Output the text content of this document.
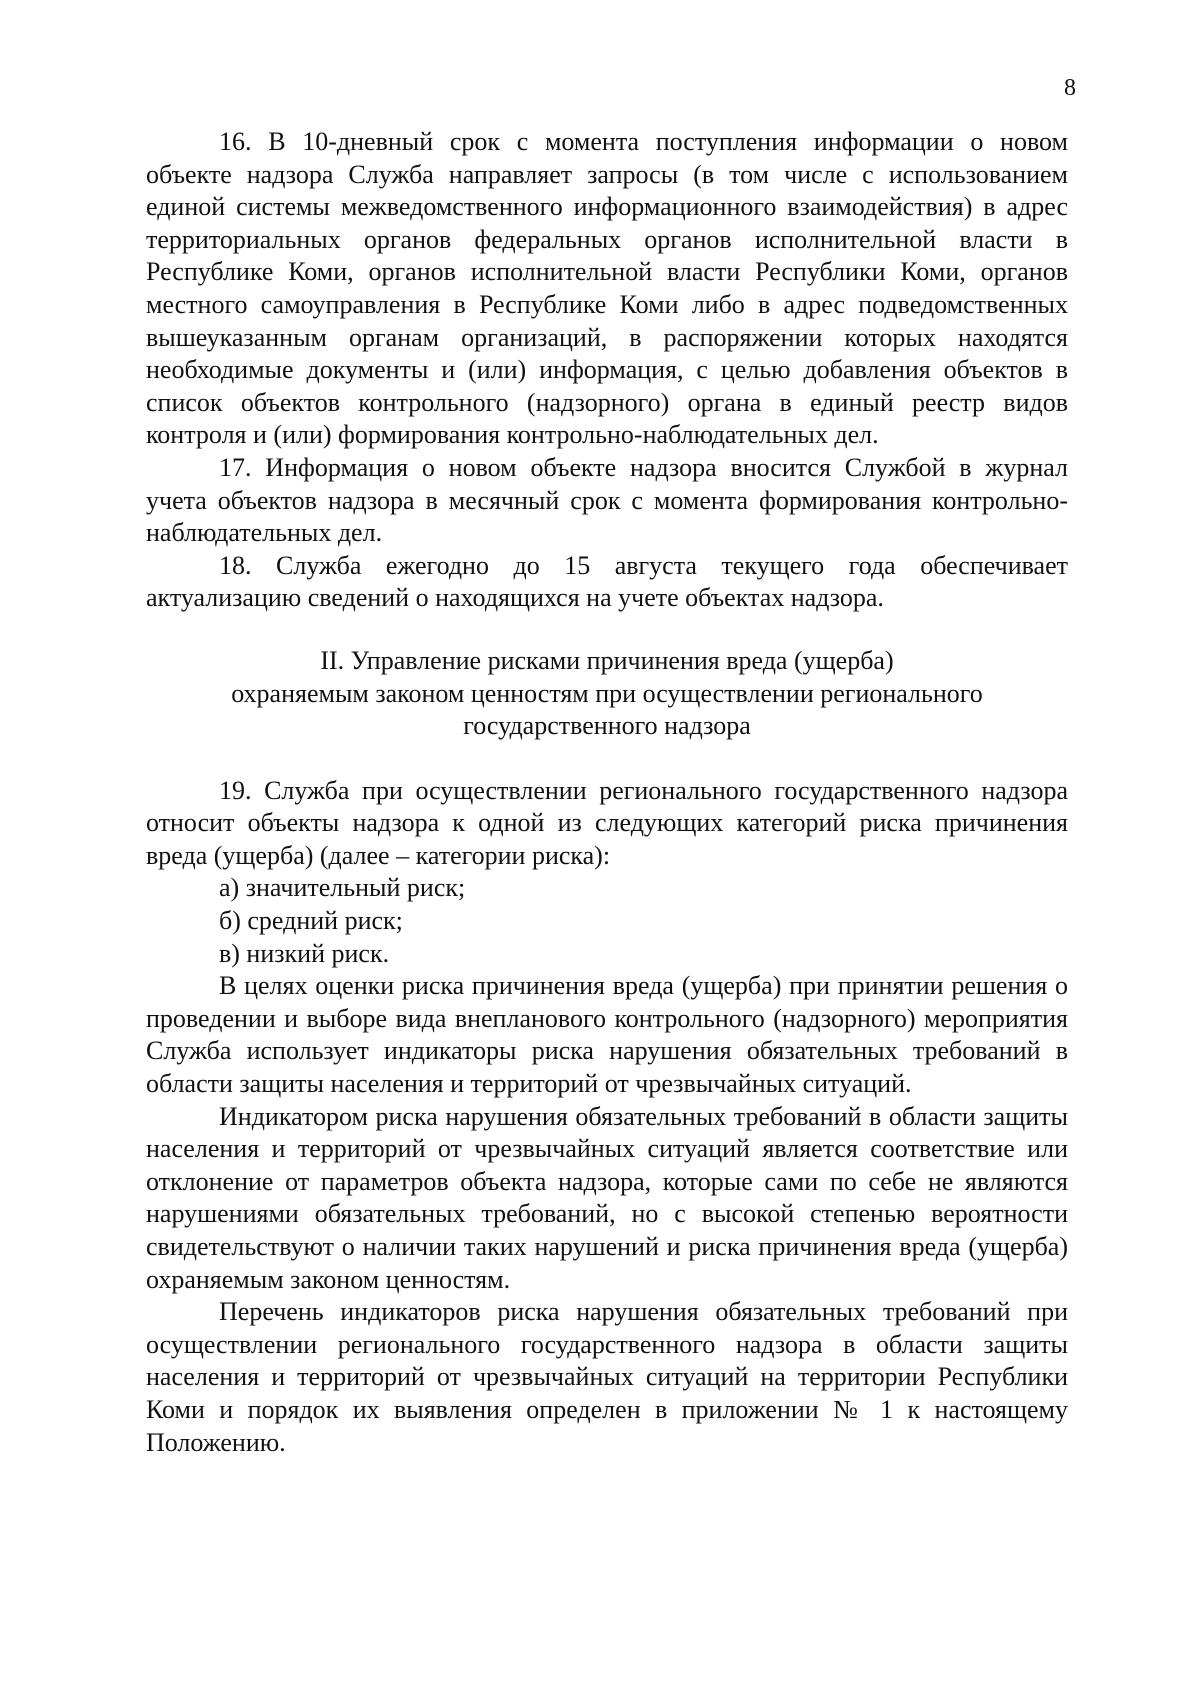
8

16. В 10-дневный срок с момента поступления информации о новом объекте надзора Служба направляет запросы (в том числе с использованием единой системы межведомственного информационного взаимодействия) в адрес территориальных органов федеральных органов исполнительной власти в Республике Коми, органов исполнительной власти Республики Коми, органов местного самоуправления в Республике Коми либо в адрес подведомственных вышеуказанным органам организаций, в распоряжении которых находятся необходимые документы и (или) информация, с целью добавления объектов в список объектов контрольного (надзорного) органа в единый реестр видов контроля и (или) формирования контрольно-наблюдательных дел.

17. Информация о новом объекте надзора вносится Службой в журнал учета объектов надзора в месячный срок с момента формирования контрольно-наблюдательных дел.

18. Служба ежегодно до 15 августа текущего года обеспечивает актуализацию сведений о находящихся на учете объектах надзора.

II. Управление рисками причинения вреда (ущерба)
охраняемым законом ценностям при осуществлении регионального
государственного надзора

19. Служба при осуществлении регионального государственного надзора относит объекты надзора к одной из следующих категорий риска причинения вреда (ущерба) (далее – категории риска):

а) значительный риск;

б) средний риск;

в) низкий риск.

В целях оценки риска причинения вреда (ущерба) при принятии решения о проведении и выборе вида внепланового контрольного (надзорного) мероприятия Служба использует индикаторы риска нарушения обязательных требований в области защиты населения и территорий от чрезвычайных ситуаций.

Индикатором риска нарушения обязательных требований в области защиты населения и территорий от чрезвычайных ситуаций является соответствие или отклонение от параметров объекта надзора, которые сами по себе не являются нарушениями обязательных требований, но с высокой степенью вероятности свидетельствуют о наличии таких нарушений и риска причинения вреда (ущерба) охраняемым законом ценностям.

Перечень индикаторов риска нарушения обязательных требований при осуществлении регионального государственного надзора в области защиты населения и территорий от чрезвычайных ситуаций на территории Республики Коми и порядок их выявления определен в приложении № 1 к настоящему Положению.
